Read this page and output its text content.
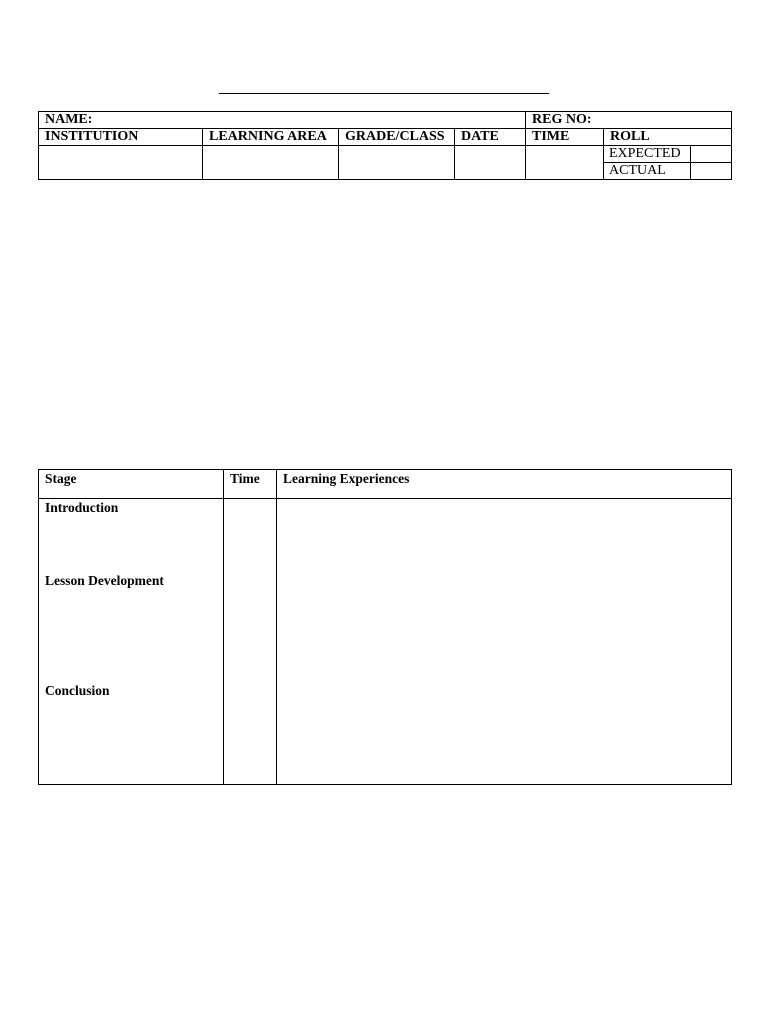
NAME:				REG NO:		
INSTITUTION	LEARNING AREA	GRADE/CLASS	DATE	TIME	ROLL	
					EXPECTED	
					ACTUAL	
Stage	Time	Learning Experiences

Introduction
Lesson Development
Conclusion		
